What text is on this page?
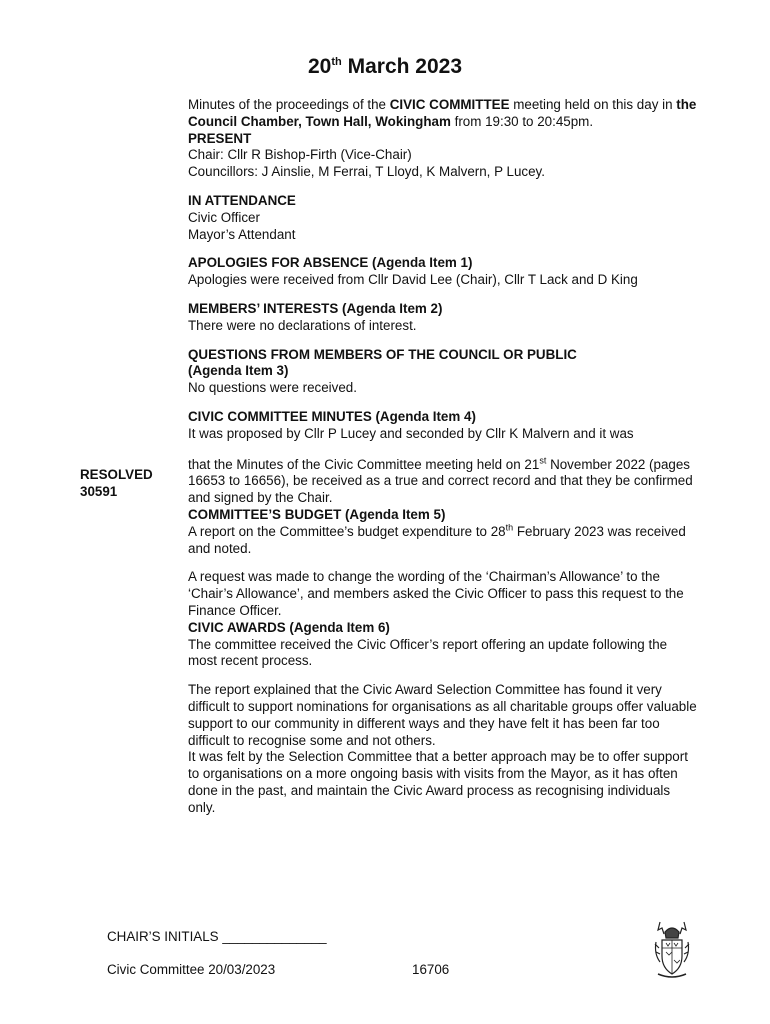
20th March 2023

Minutes of the proceedings of the CIVIC COMMITTEE meeting held on this day in the Council Chamber, Town Hall, Wokingham from 19:30 to 20:45pm.

PRESENT

Chair: Cllr R Bishop-Firth (Vice-Chair)

Councillors: J Ainslie, M Ferrai, T Lloyd, K Malvern, P Lucey.

IN ATTENDANCE

Civic Officer

Mayor’s Attendant

APOLOGIES FOR ABSENCE (Agenda Item 1)

Apologies were received from Cllr David Lee (Chair), Cllr T Lack and D King

MEMBERS’ INTERESTS (Agenda Item 2)

There were no declarations of interest.

QUESTIONS FROM MEMBERS OF THE COUNCIL OR PUBLIC

(Agenda Item 3)

No questions were received.

CIVIC COMMITTEE MINUTES (Agenda Item 4)

It was proposed by Cllr P Lucey and seconded by Cllr K Malvern and it was

that the Minutes of the Civic Committee meeting held on 21st November 2022 (pages 16653 to 16656), be received as a true and correct record and that they be confirmed and signed by the Chair.

COMMITTEE’S BUDGET (Agenda Item 5)

A report on the Committee’s budget expenditure to 28th February 2023 was received and noted.

A request was made to change the wording of the ‘Chairman’s Allowance’ to the ‘Chair’s Allowance’, and members asked the Civic Officer to pass this request to the Finance Officer.

CIVIC AWARDS (Agenda Item 6)

The committee received the Civic Officer’s report offering an update following the most recent process.

The report explained that the Civic Award Selection Committee has found it very difficult to support nominations for organisations as all charitable groups offer valuable support to our community in different ways and they have felt it has been far too difficult to recognise some and not others.

It was felt by the Selection Committee that a better approach may be to offer support to organisations on a more ongoing basis with visits from the Mayor, as it has often done in the past, and maintain the Civic Award process as recognising individuals only.

RESOLVED
30591
CHAIR’S INITIALS ______________
Civic Committee 20/03/2023	16706
